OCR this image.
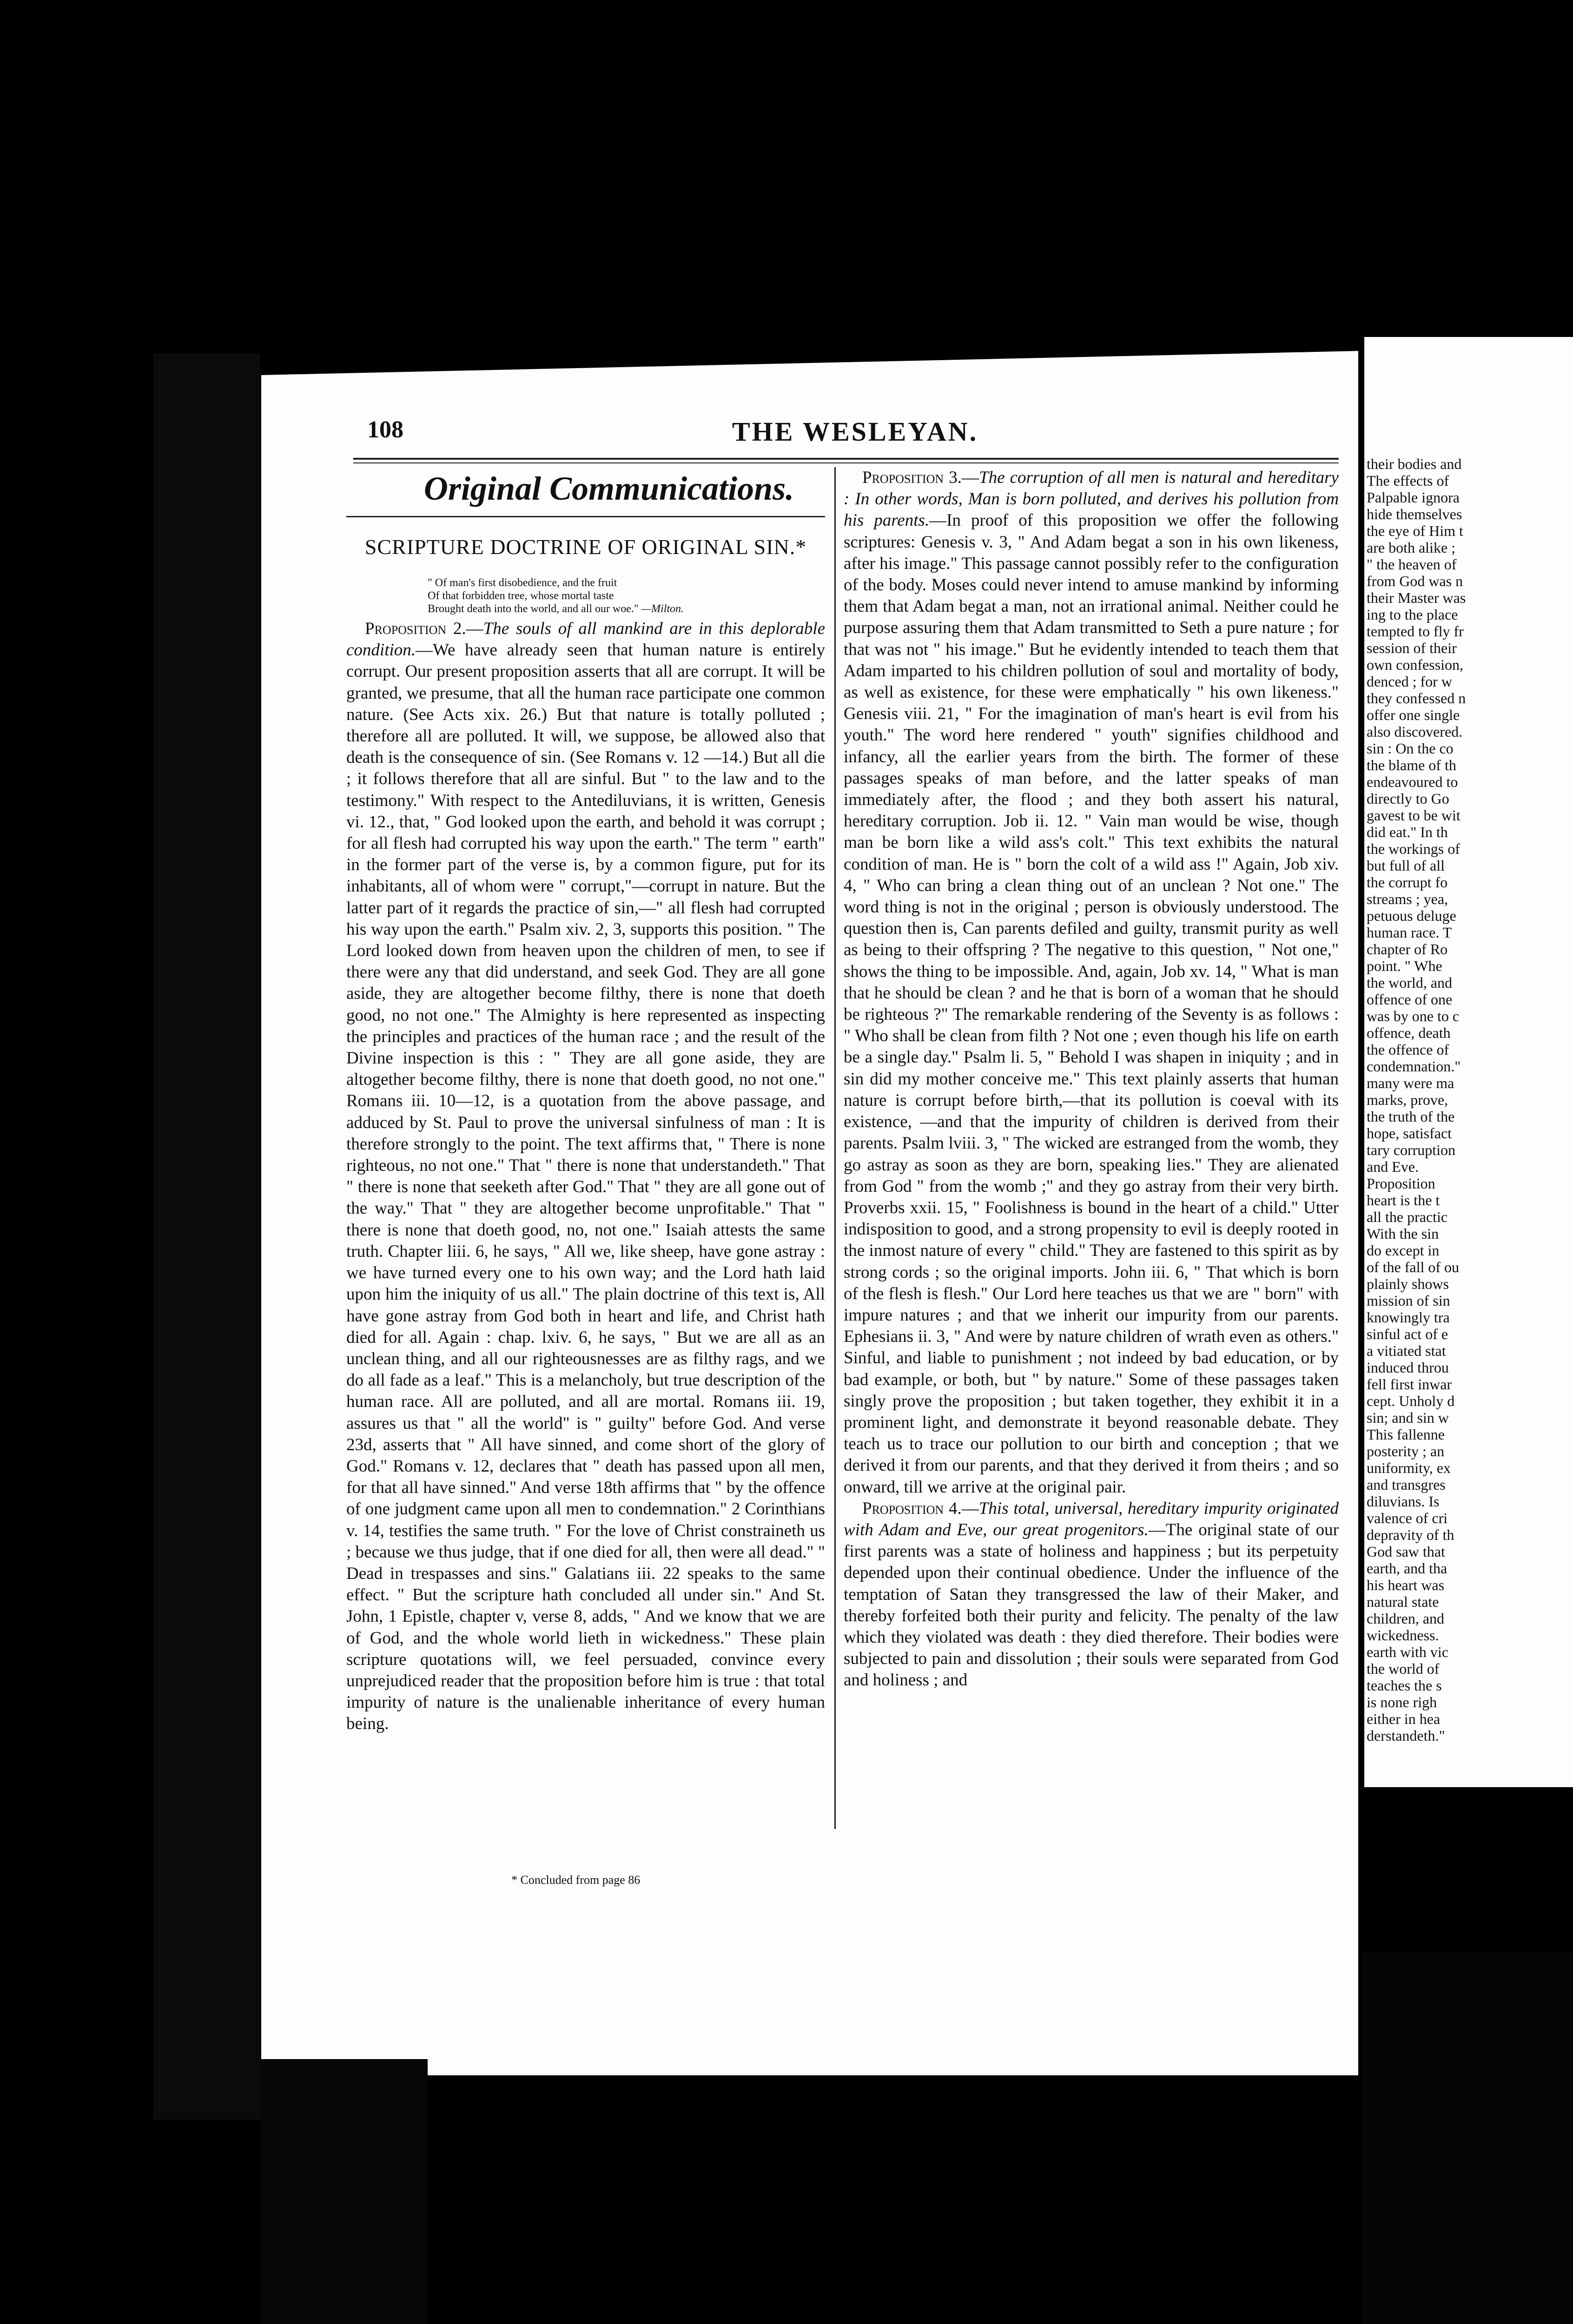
their bodies and
The effects of
Palpable ignora
hide themselves
the eye of Him t
are both alike ;
" the heaven of
from God was n
their Master was
ing to the place
tempted to fly fr
session of their
own confession,
denced ; for w
they confessed n
offer one single
also discovered.
sin : On the co
the blame of th
endeavoured to
directly to Go
gavest to be wit
did eat." In th
the workings of
but full of all
the corrupt fo
streams ; yea,
petuous deluge
human race. T
chapter of Ro
point. " Whe
the world, and
offence of one
was by one to c
offence, death
the offence of
condemnation."
many were ma
marks, prove,
the truth of the
hope, satisfact
tary corruption
and Eve.
Proposition
heart is the t
all the practic
With the sin
do except in
of the fall of ou
plainly shows
mission of sin
knowingly tra
sinful act of e
a vitiated stat
induced throu
fell first inwar
cept. Unholy d
sin; and sin w
This fallenne
posterity ; an
uniformity, ex
and transgres
diluvians. Is
valence of cri
depravity of th
God saw that
earth, and tha
his heart was
natural state
children, and
wickedness.
earth with vic
the world of
teaches the s
is none righ
either in hea
derstandeth."
108	THE WESLEYAN.
Original Communications.
SCRIPTURE DOCTRINE OF ORIGINAL SIN.*
" Of man's first disobedience, and the fruit
Of that forbidden tree, whose mortal taste
Brought death into the world, and all our woe." —Milton.

Proposition 2.—The souls of all mankind are in this deplorable condition.—We have already seen that human nature is entirely corrupt. Our present proposition asserts that all are corrupt. It will be granted, we presume, that all the human race participate one common nature. (See Acts xix. 26.) But that nature is totally polluted ; therefore all are polluted. It will, we suppose, be allowed also that death is the consequence of sin. (See Romans v. 12 —14.) But all die ; it follows therefore that all are sinful. But " to the law and to the testimony." With respect to the Antediluvians, it is written, Genesis vi. 12., that, " God looked upon the earth, and behold it was corrupt ; for all flesh had corrupted his way upon the earth." The term " earth" in the former part of the verse is, by a common figure, put for its inhabitants, all of whom were " corrupt,"—corrupt in nature. But the latter part of it regards the practice of sin,—" all flesh had corrupted his way upon the earth." Psalm xiv. 2, 3, supports this position. " The Lord looked down from heaven upon the children of men, to see if there were any that did understand, and seek God. They are all gone aside, they are altogether become filthy, there is none that doeth good, no not one." The Almighty is here represented as inspecting the principles and practices of the human race ; and the result of the Divine inspection is this : " They are all gone aside, they are altogether become filthy, there is none that doeth good, no not one." Romans iii. 10—12, is a quotation from the above passage, and adduced by St. Paul to prove the universal sinfulness of man : It is therefore strongly to the point. The text affirms that, " There is none righteous, no not one." That " there is none that understandeth." That " there is none that seeketh after God." That " they are all gone out of the way." That " they are altogether become unprofitable." That " there is none that doeth good, no, not one." Isaiah attests the same truth. Chapter liii. 6, he says, " All we, like sheep, have gone astray : we have turned every one to his own way; and the Lord hath laid upon him the iniquity of us all." The plain doctrine of this text is, All have gone astray from God both in heart and life, and Christ hath died for all. Again : chap. lxiv. 6, he says, " But we are all as an unclean thing, and all our righteousnesses are as filthy rags, and we do all fade as a leaf." This is a melancholy, but true description of the human race. All are polluted, and all are mortal. Romans iii. 19, assures us that " all the world" is " guilty" before God. And verse 23d, asserts that " All have sinned, and come short of the glory of God." Romans v. 12, declares that " death has passed upon all men, for that all have sinned." And verse 18th affirms that " by the offence of one judgment came upon all men to condemnation." 2 Corinthians v. 14, testifies the same truth. " For the love of Christ constraineth us ; because we thus judge, that if one died for all, then were all dead." " Dead in trespasses and sins." Galatians iii. 22 speaks to the same effect. " But the scripture hath concluded all under sin." And St. John, 1 Epistle, chapter v, verse 8, adds, " And we know that we are of God, and the whole world lieth in wickedness." These plain scripture quotations will, we feel persuaded, convince every unprejudiced reader that the proposition before him is true : that total impurity of nature is the unalienable inheritance of every human being.

Proposition 3.—The corruption of all men is natural and hereditary : In other words, Man is born polluted, and derives his pollution from his parents.—In proof of this proposition we offer the following scriptures: Genesis v. 3, " And Adam begat a son in his own likeness, after his image." This passage cannot possibly refer to the configuration of the body. Moses could never intend to amuse mankind by informing them that Adam begat a man, not an irrational animal. Neither could he purpose assuring them that Adam transmitted to Seth a pure nature ; for that was not " his image." But he evidently intended to teach them that Adam imparted to his children pollution of soul and mortality of body, as well as existence, for these were emphatically " his own likeness." Genesis viii. 21, " For the imagination of man's heart is evil from his youth." The word here rendered " youth" signifies childhood and infancy, all the earlier years from the birth. The former of these passages speaks of man before, and the latter speaks of man immediately after, the flood ; and they both assert his natural, hereditary corruption. Job ii. 12. " Vain man would be wise, though man be born like a wild ass's colt." This text exhibits the natural condition of man. He is " born the colt of a wild ass !" Again, Job xiv. 4, " Who can bring a clean thing out of an unclean ? Not one." The word thing is not in the original ; person is obviously understood. The question then is, Can parents defiled and guilty, transmit purity as well as being to their offspring ? The negative to this question, " Not one," shows the thing to be impossible. And, again, Job xv. 14, " What is man that he should be clean ? and he that is born of a woman that he should be righteous ?" The remarkable rendering of the Seventy is as follows : " Who shall be clean from filth ? Not one ; even though his life on earth be a single day." Psalm li. 5, " Behold I was shapen in iniquity ; and in sin did my mother conceive me." This text plainly asserts that human nature is corrupt before birth,—that its pollution is coeval with its existence, —and that the impurity of children is derived from their parents. Psalm lviii. 3, " The wicked are estranged from the womb, they go astray as soon as they are born, speaking lies." They are alienated from God " from the womb ;" and they go astray from their very birth. Proverbs xxii. 15, " Foolishness is bound in the heart of a child." Utter indisposition to good, and a strong propensity to evil is deeply rooted in the inmost nature of every " child." They are fastened to this spirit as by strong cords ; so the original imports. John iii. 6, " That which is born of the flesh is flesh." Our Lord here teaches us that we are " born" with impure natures ; and that we inherit our impurity from our parents. Ephesians ii. 3, " And were by nature children of wrath even as others." Sinful, and liable to punishment ; not indeed by bad education, or by bad example, or both, but " by nature." Some of these passages taken singly prove the proposition ; but taken together, they exhibit it in a prominent light, and demonstrate it beyond reasonable debate. They teach us to trace our pollution to our birth and conception ; that we derived it from our parents, and that they derived it from theirs ; and so onward, till we arrive at the original pair.

Proposition 4.—This total, universal, hereditary impurity originated with Adam and Eve, our great progenitors.—The original state of our first parents was a state of holiness and happiness ; but its perpetuity depended upon their continual obedience. Under the influence of the temptation of Satan they transgressed the law of their Maker, and thereby forfeited both their purity and felicity. The penalty of the law which they violated was death : they died therefore. Their bodies were subjected to pain and dissolution ; their souls were separated from God and holiness ; and

* Concluded from page 86
